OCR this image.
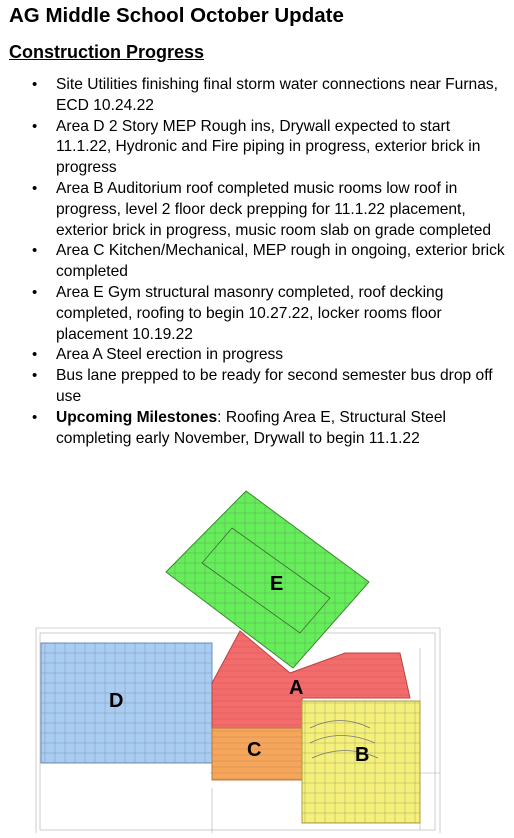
AG Middle School October Update
Construction Progress
• Site Utilities finishing final storm water connections near Furnas, ECD 10.24.22
• Area D 2 Story MEP Rough ins, Drywall expected to start 11.1.22, Hydronic and Fire piping in progress, exterior brick in progress
• Area B Auditorium roof completed music rooms low roof in progress, level 2 floor deck prepping for 11.1.22 placement, exterior brick in progress, music room slab on grade completed
• Area C Kitchen/Mechanical, MEP rough in ongoing, exterior brick completed
• Area E Gym structural masonry completed, roof decking completed, roofing to begin 10.27.22, locker rooms floor placement 10.19.22
• Area A Steel erection in progress
• Bus lane prepped to be ready for second semester bus drop off use
• Upcoming Milestones: Roofing Area E, Structural Steel completing early November, Drywall to begin 11.1.22
E
A
D
C	B
